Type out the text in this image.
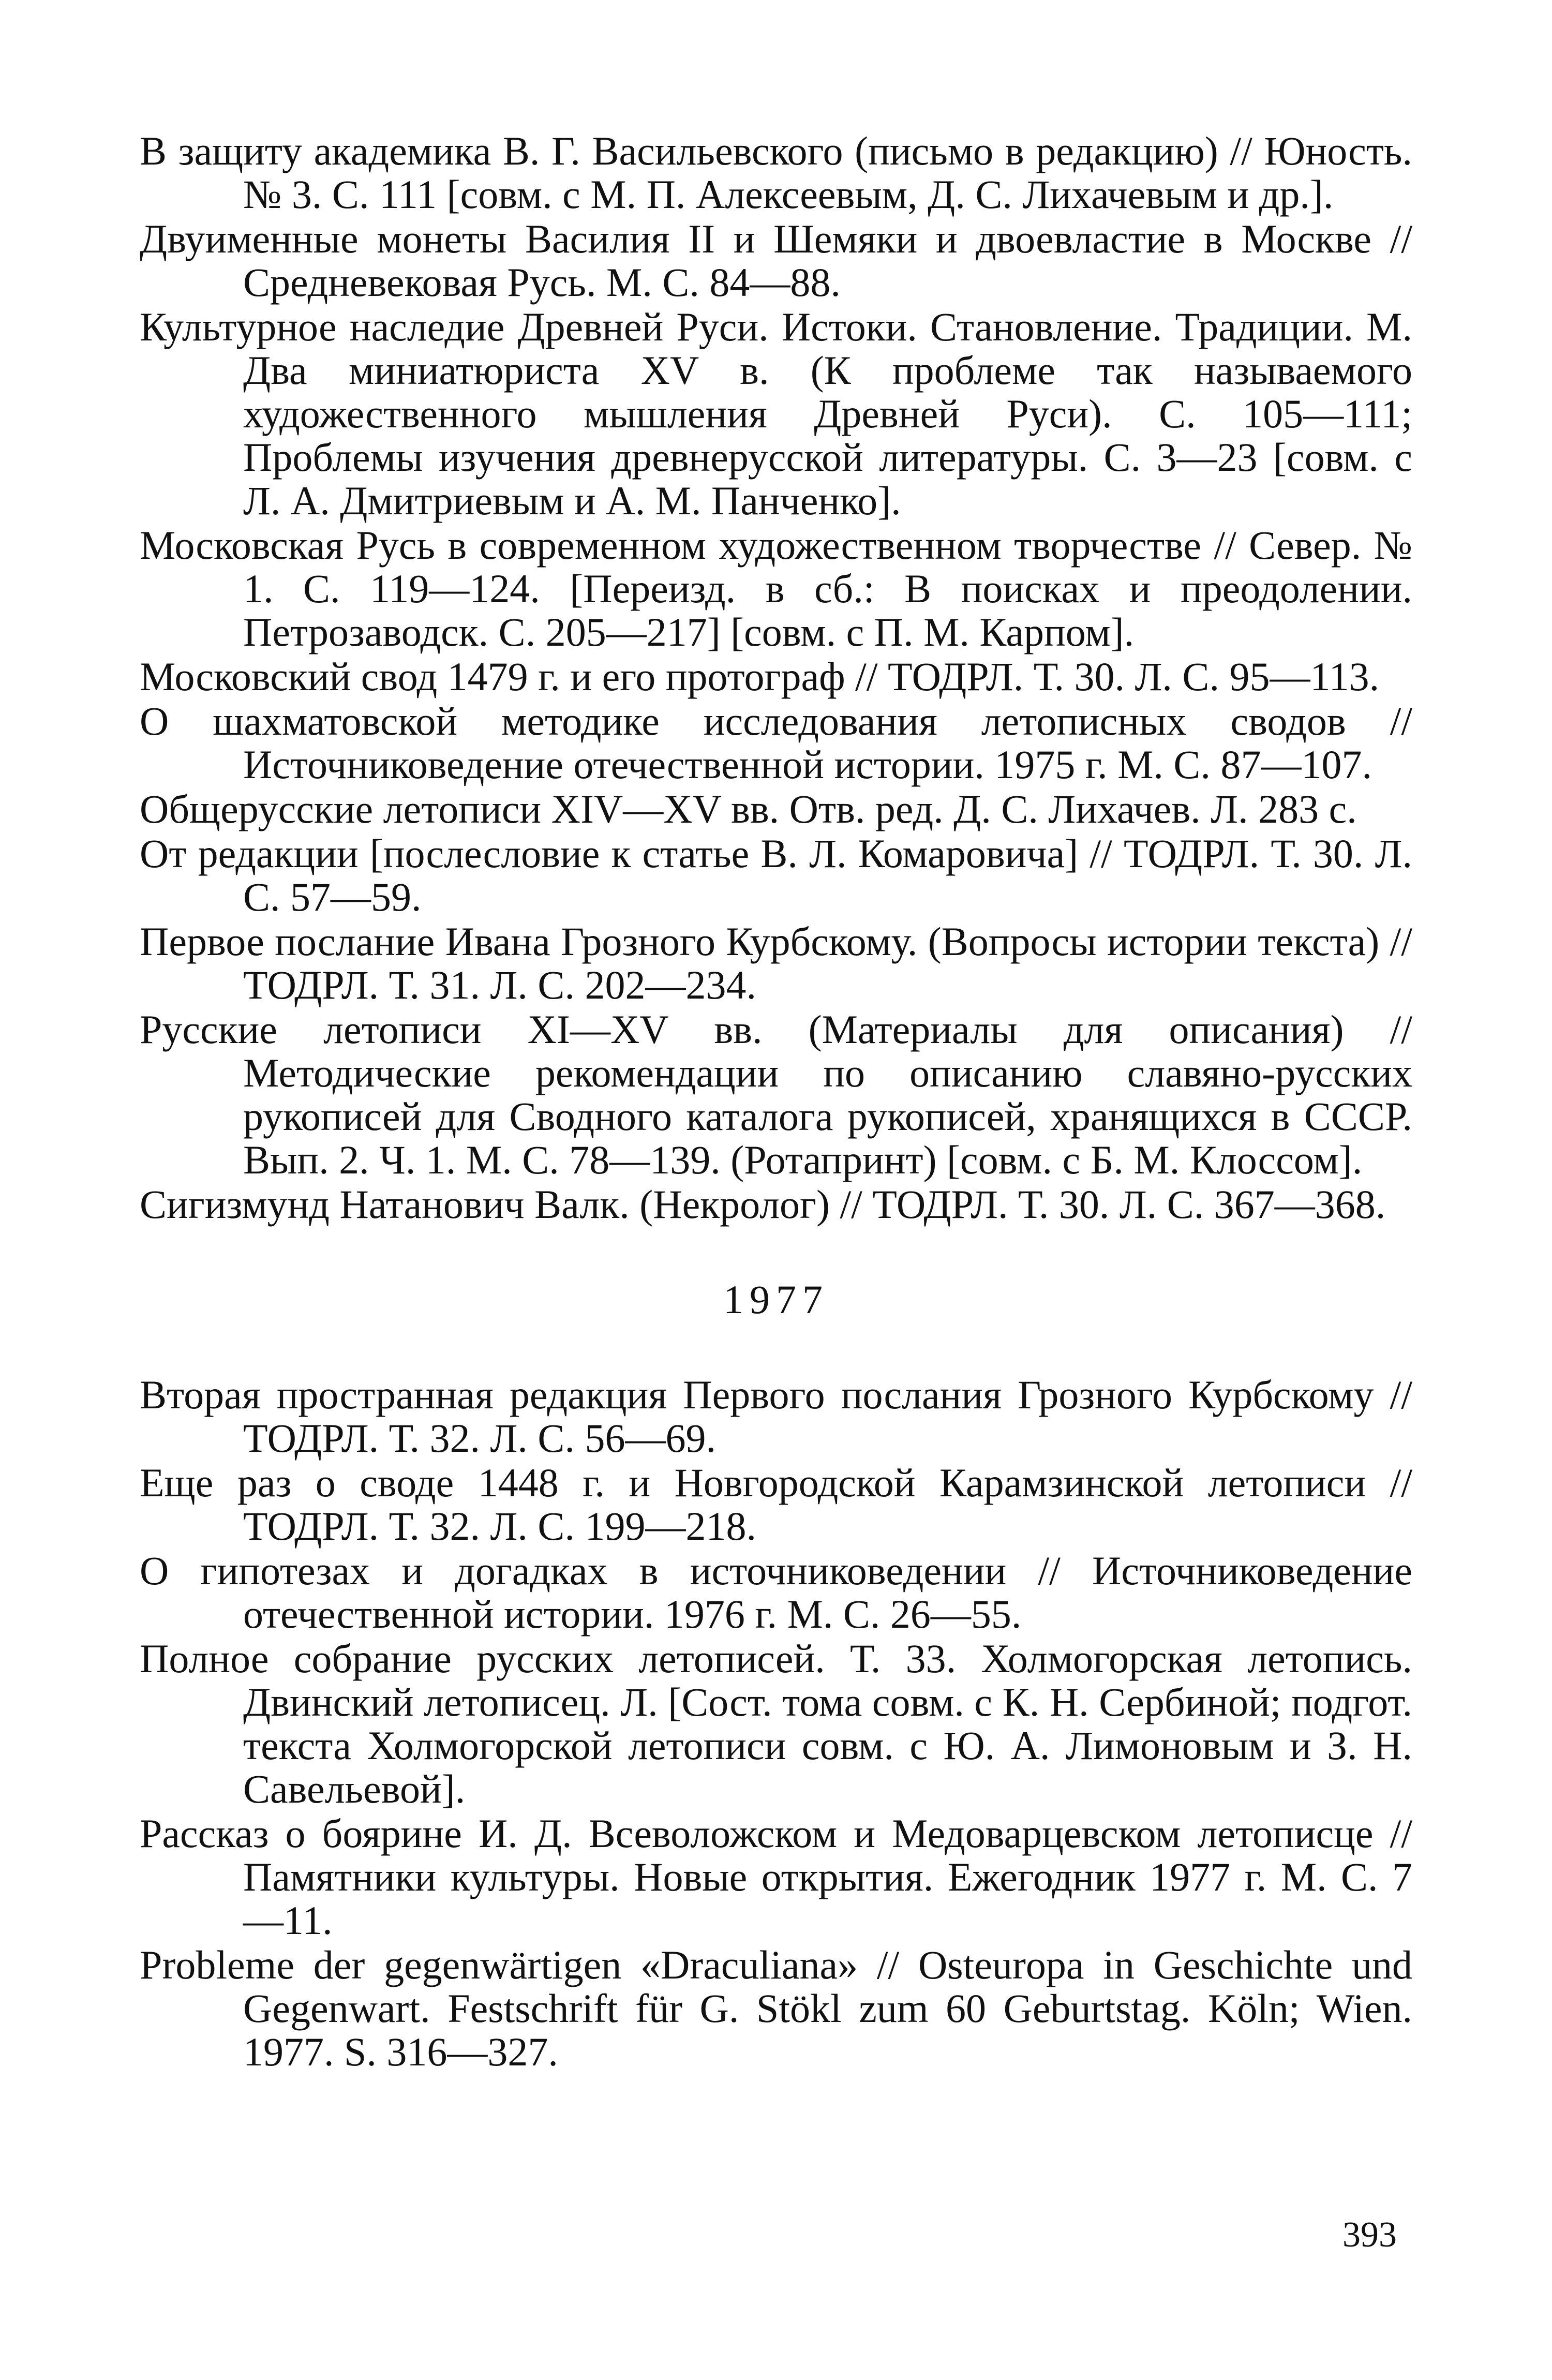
В защиту академика В. Г. Васильевского (письмо в редакцию) // Юность. № 3. С. 111 [совм. с М. П. Алексеевым, Д. С. Лихачевым и др.].

Двуименные монеты Василия II и Шемяки и двоевластие в Москве // Средневековая Русь. М. С. 84—88.

Культурное наследие Древней Руси. Истоки. Становление. Традиции. М. Два миниатюриста XV в. (К проблеме так называемого художественного мышления Древней Руси). С. 105—111; Проблемы изучения древнерусской литературы. С. 3—23 [совм. с Л. А. Дмитриевым и А. М. Панченко].

Московская Русь в современном художественном творчестве // Север. № 1. С. 119—124. [Переизд. в сб.: В поисках и преодолении. Петрозаводск. С. 205—217] [совм. с П. М. Карпом].

Московский свод 1479 г. и его протограф // ТОДРЛ. Т. 30. Л. С. 95—113.

О шахматовской методике исследования летописных сводов // Источниковедение отечественной истории. 1975 г. М. С. 87—107.

Общерусские летописи XIV—XV вв. Отв. ред. Д. С. Лихачев. Л. 283 с.

От редакции [послесловие к статье В. Л. Комаровича] // ТОДРЛ. Т. 30. Л. С. 57—59.

Первое послание Ивана Грозного Курбскому. (Вопросы истории текста) // ТОДРЛ. Т. 31. Л. С. 202—234.

Русские летописи XI—XV вв. (Материалы для описания) // Методические рекомендации по описанию славяно-русских рукописей для Сводного каталога рукописей, хранящихся в СССР. Вып. 2. Ч. 1. М. С. 78—139. (Ротапринт) [совм. с Б. М. Клоссом].

Сигизмунд Натанович Валк. (Некролог) // ТОДРЛ. Т. 30. Л. С. 367—368.

1977

Вторая пространная редакция Первого послания Грозного Курбскому // ТОДРЛ. Т. 32. Л. С. 56—69.

Еще раз о своде 1448 г. и Новгородской Карамзинской летописи // ТОДРЛ. Т. 32. Л. С. 199—218.

О гипотезах и догадках в источниковедении // Источниковедение отечественной истории. 1976 г. М. С. 26—55.

Полное собрание русских летописей. Т. 33. Холмогорская летопись. Двинский летописец. Л. [Сост. тома совм. с К. Н. Сербиной; подгот. текста Холмогорской летописи совм. с Ю. А. Лимоновым и З. Н. Савельевой].

Рассказ о боярине И. Д. Всеволожском и Медоварцевском летописце // Памятники культуры. Новые открытия. Ежегодник 1977 г. М. С. 7—11.

Probleme der gegenwärtigen «Draculiana» // Osteuropa in Geschichte und Gegenwart. Festschrift für G. Stökl zum 60 Geburtstag. Köln; Wien. 1977. S. 316—327.

393
